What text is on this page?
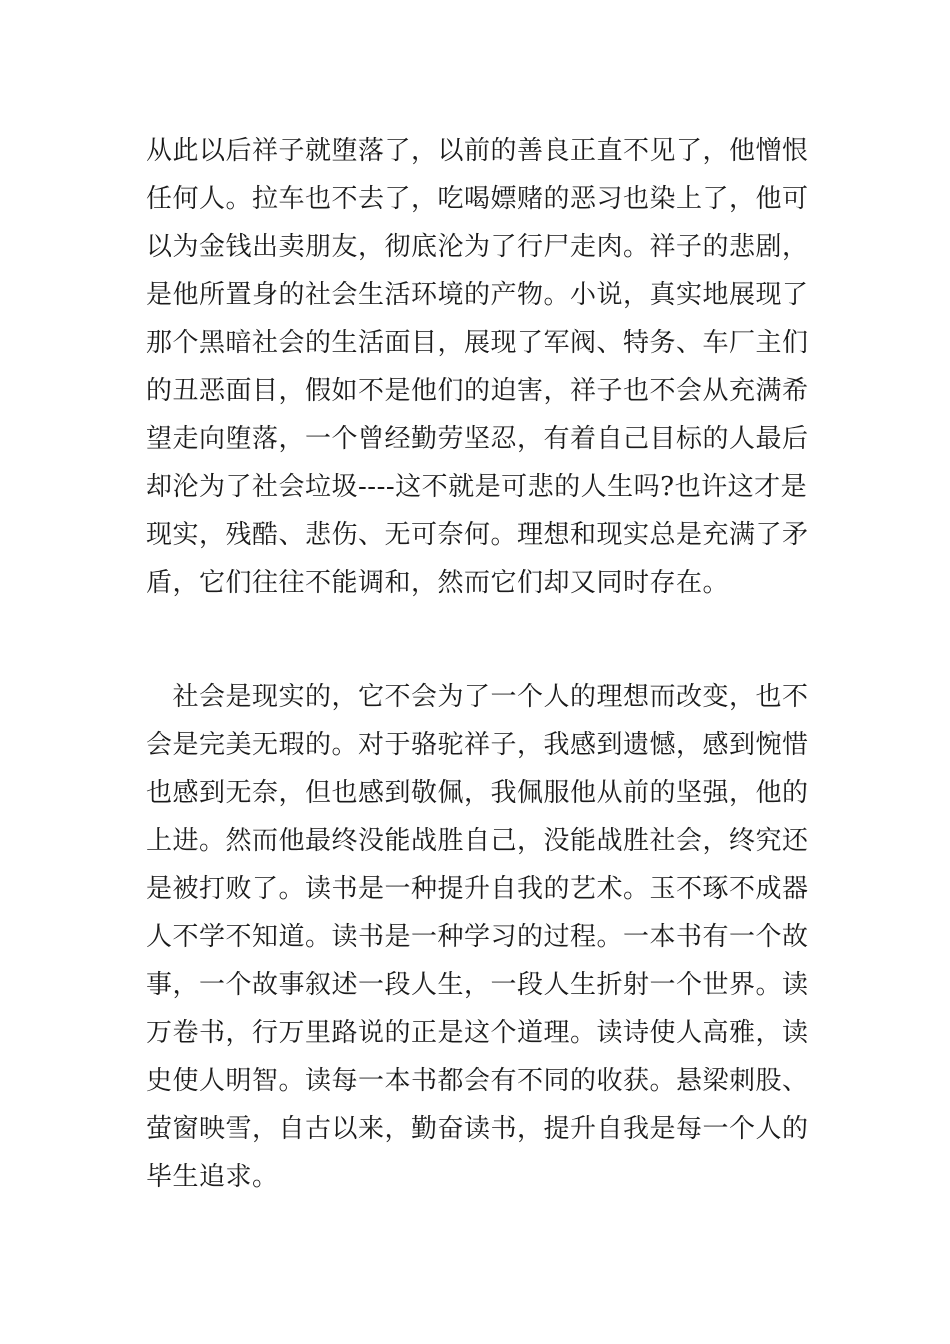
从此以后祥子就堕落了，以前的善良正直不见了，他憎恨
任何人。拉车也不去了，吃喝嫖赌的恶习也染上了，他可
以为金钱出卖朋友，彻底沦为了行尸走肉。祥子的悲剧，
是他所置身的社会生活环境的产物。小说，真实地展现了
那个黑暗社会的生活面目，展现了军阀、特务、车厂主们
的丑恶面目，假如不是他们的迫害，祥子也不会从充满希
望走向堕落，一个曾经勤劳坚忍，有着自己目标的人最后
却沦为了社会垃圾----这不就是可悲的人生吗?也许这才是
现实，残酷、悲伤、无可奈何。理想和现实总是充满了矛
盾，它们往往不能调和，然而它们却又同时存在。
　社会是现实的，它不会为了一个人的理想而改变，也不
会是完美无瑕的。对于骆驼祥子，我感到遗憾，感到惋惜
也感到无奈，但也感到敬佩，我佩服他从前的坚强，他的
上进。然而他最终没能战胜自己，没能战胜社会，终究还
是被打败了。读书是一种提升自我的艺术。玉不琢不成器
人不学不知道。读书是一种学习的过程。一本书有一个故
事，一个故事叙述一段人生，一段人生折射一个世界。读
万卷书，行万里路说的正是这个道理。读诗使人高雅，读
史使人明智。读每一本书都会有不同的收获。悬梁刺股、
萤窗映雪，自古以来，勤奋读书，提升自我是每一个人的
毕生追求。
